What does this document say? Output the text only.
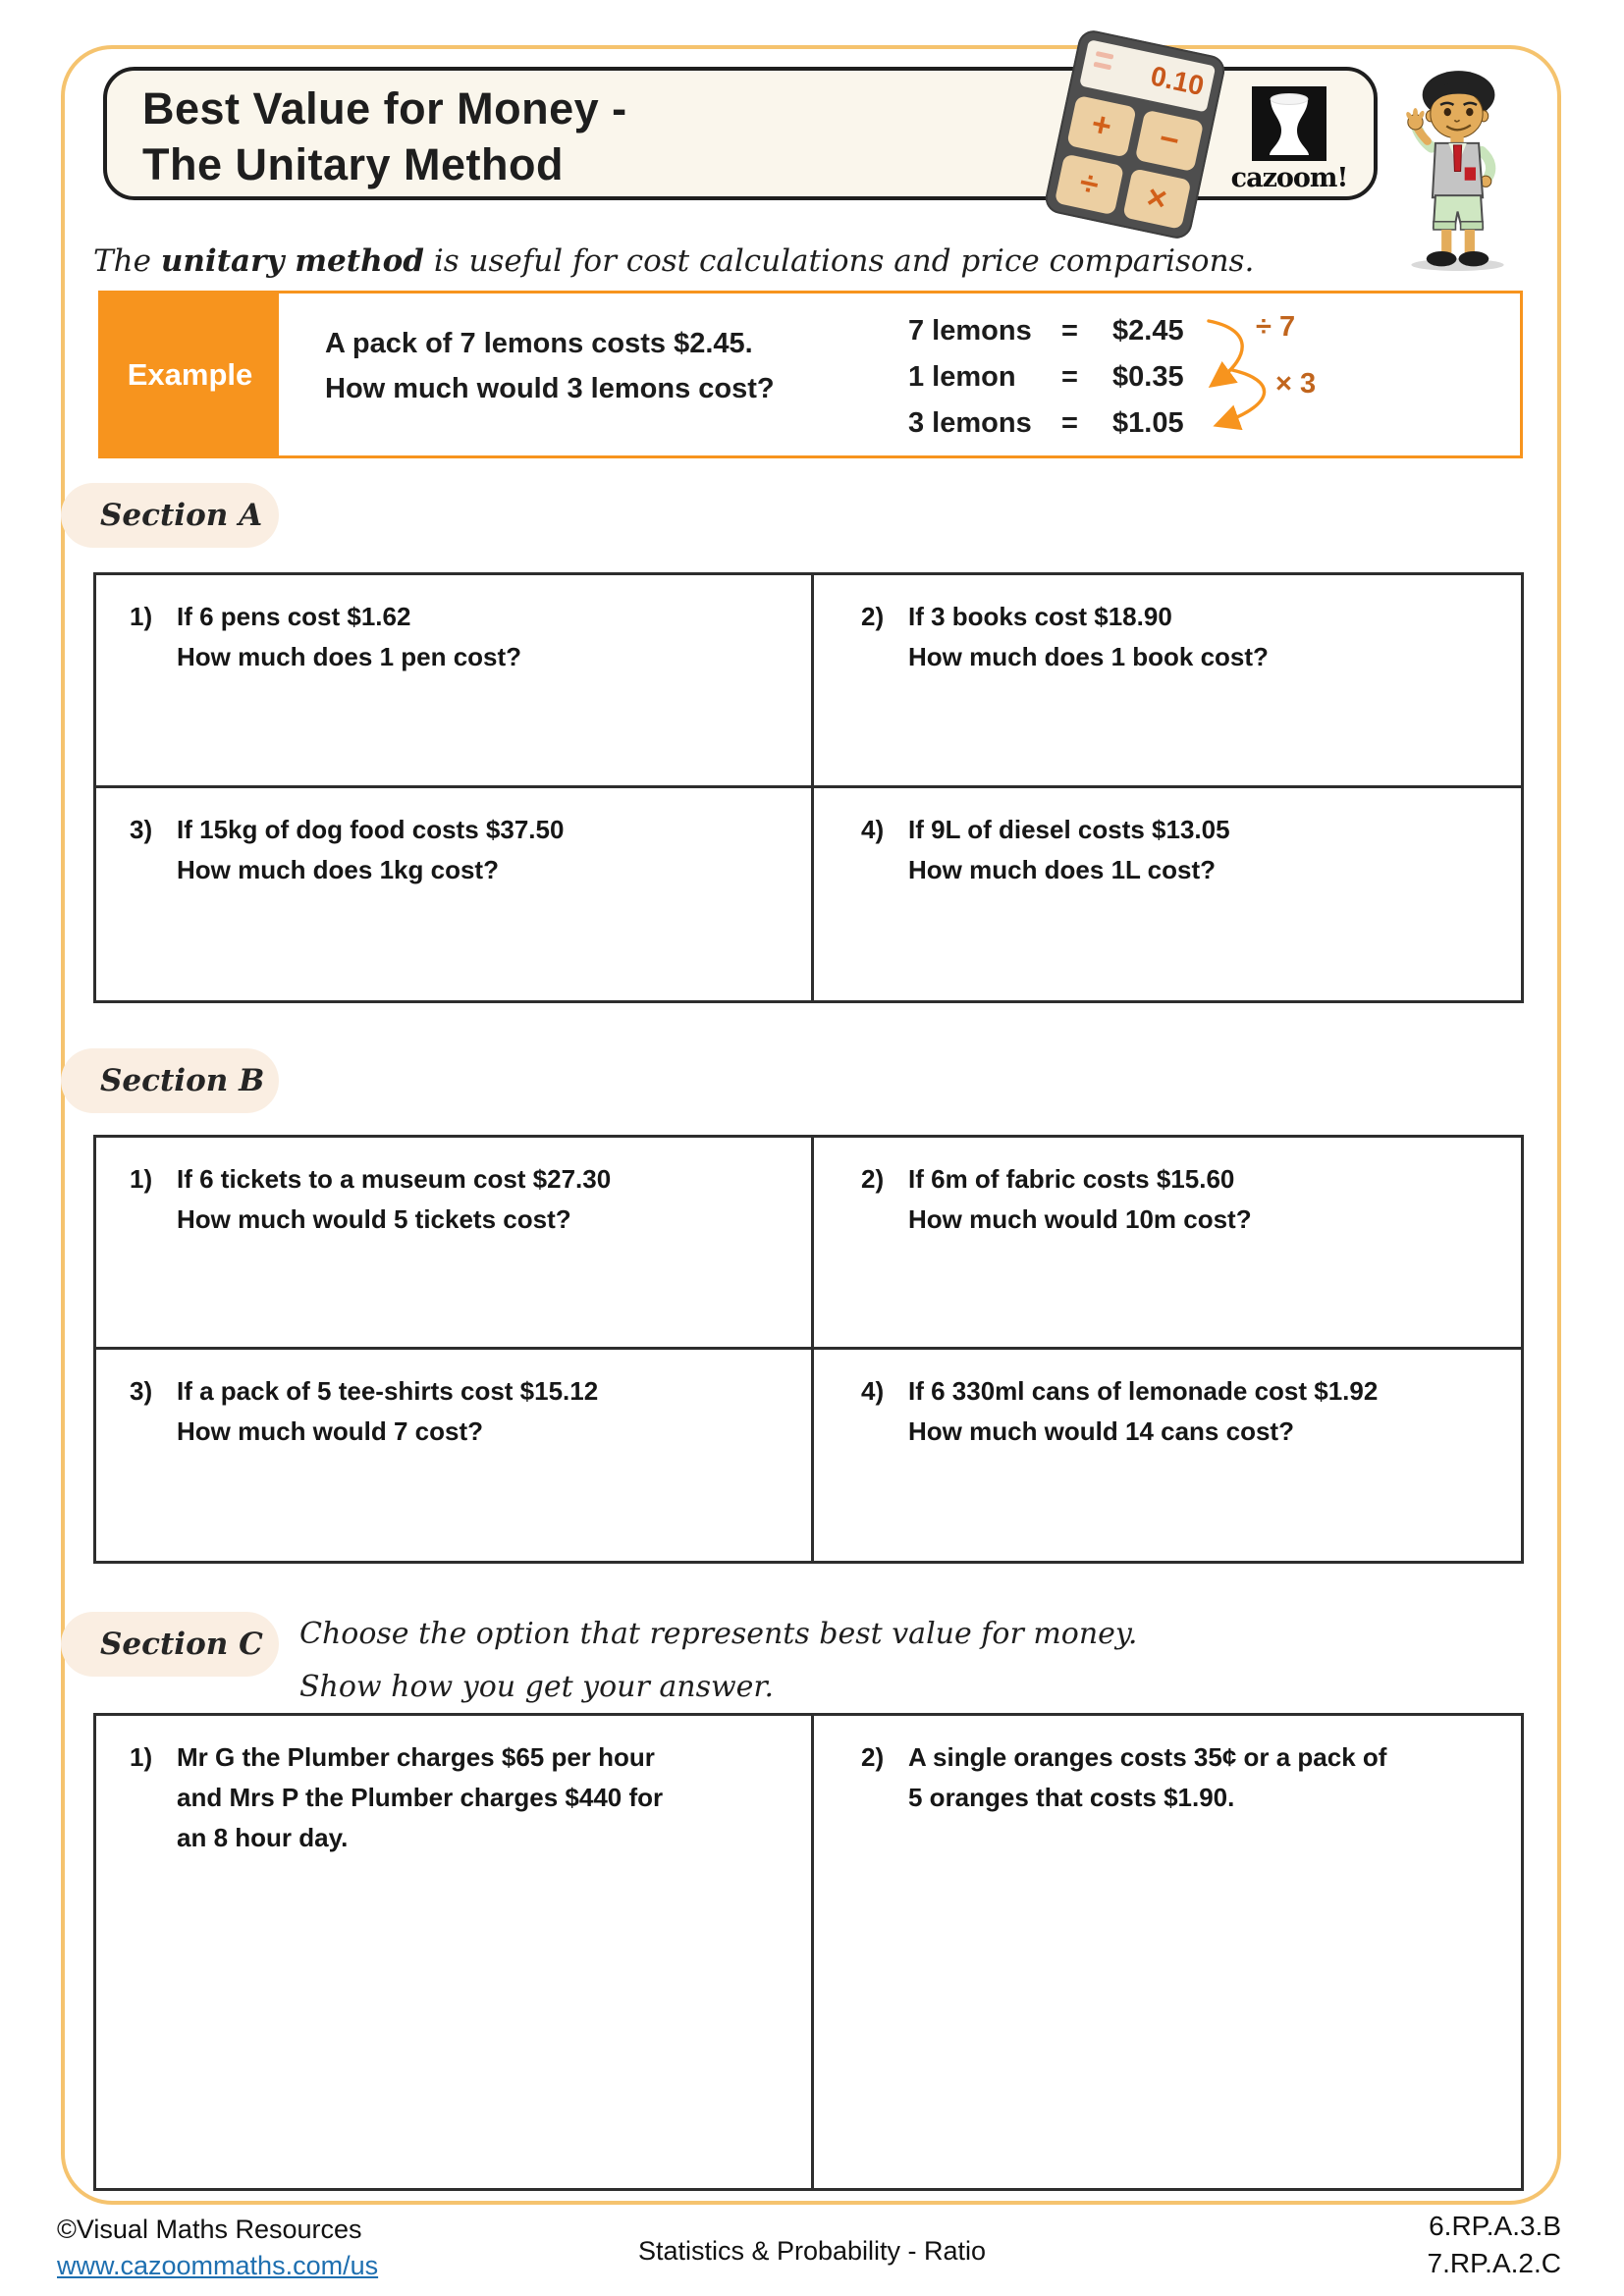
Best Value for Money -
The Unitary Method
0.10
+	−
÷	×	cazoom!
The unitary method is useful for cost calculations and price comparisons.
Example
A pack of 7 lemons costs $2.45.
How much would 3 lemons cost?
7 lemons	=	$2.45
1 lemon	=	$0.35
3 lemons	=	$1.05
÷ 7
× 3
Section A
1) If 6 pens cost $1.62
How much does 1 pen cost?
2) If 3 books cost $18.90
How much does 1 book cost?
3) If 15kg of dog food costs $37.50
How much does 1kg cost?
4) If 9L of diesel costs $13.05
How much does 1L cost?
Section B
1) If 6 tickets to a museum cost $27.30
How much would 5 tickets cost?
2) If 6m of fabric costs $15.60
How much would 10m cost?
3) If a pack of 5 tee-shirts cost $15.12
How much would 7 cost?
4) If 6 330ml cans of lemonade cost $1.92
How much would 14 cans cost?
Section C	Choose the option that represents best value for money.
Show how you get your answer.
1) Mr G the Plumber charges $65 per hour
and Mrs P the Plumber charges $440 for
an 8 hour day.
2) A single oranges costs 35¢ or a pack of
5 oranges that costs $1.90.
©Visual Maths Resources
www.cazoommaths.com/us	Statistics & Probability - Ratio
6.RP.A.3.B
7.RP.A.2.C
